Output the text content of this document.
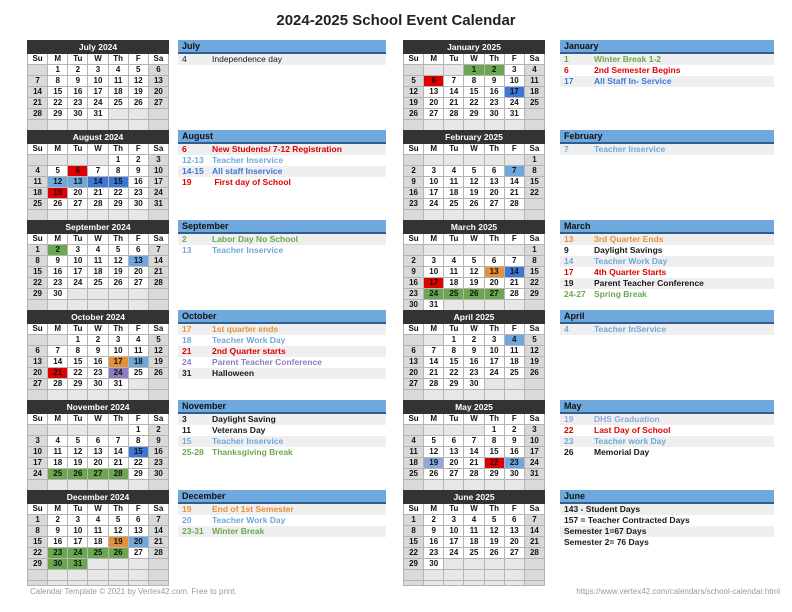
2024-2025 School Event Calendar
Calendar Template © 2021 by Vertex42.com. Free to print.	https://www.vertex42.com/calendars/school-calendar.html
July 2024						
Su	M	Tu	W	Th	F	Sa
	1	2	3	4	5	6
7	8	9	10	11	12	13
14	15	16	17	18	19	20
21	22	23	24	25	26	27
28	29	30	31			

July
4	Independence day
August 2024						
Su	M	Tu	W	Th	F	Sa
				1	2	3
4	5	6	7	8	9	10
11	12	13	14	15	16	17
18	19	20	21	22	23	24
25	26	27	28	29	30	31

August
6	New Students/ 7-12 Registration
12-13 Teacher Inservice
14-15 All staff Inservice
19	First day of School
September 2024						
Su	M	Tu	W	Th	F	Sa
1	2	3	4	5	6	7
8	9	10	11	12	13	14
15	16	17	18	19	20	21
22	23	24	25	26	27	28
29	30					

September
2	Labor Day No School
13	Teacher Inservice
October 2024						
Su	M	Tu	W	Th	F	Sa
		1	2	3	4	5
6	7	8	9	10	11	12
13	14	15	16	17	18	19
20	21	22	23	24	25	26
27	28	29	30	31		

October
17	1st quarter ends
18	Teacher Work Day
21	2nd Quarter starts
24	Parent Teacher Conference
31	Halloween
November 2024						
Su	M	Tu	W	Th	F	Sa
					1	2
3	4	5	6	7	8	9
10	11	12	13	14	15	16
17	18	19	20	21	22	23
24	25	26	27	28	29	30

November
3	Daylight Saving
11	Veterans Day
15	Teacher Inservice
25-28 Thanksgiving Break
December 2024						
Su	M	Tu	W	Th	F	Sa
1	2	3	4	5	6	7
8	9	10	11	12	13	14
15	16	17	18	19	20	21
22	23	24	25	26	27	28
29	30	31				

December
19	End of 1st Semester
20	Teacher Work Day
23-31 Winter Break
January 2025						
Su	M	Tu	W	Th	F	Sa
			1	2	3	4
5	6	7	8	9	10	11
12	13	14	15	16	17	18
19	20	21	22	23	24	25
26	27	28	29	30	31	

January
1	Winter Break 1-2
6	2nd Semester Begins
17	All Staff In- Service
February 2025						
Su	M	Tu	W	Th	F	Sa
						1
2	3	4	5	6	7	8
9	10	11	12	13	14	15
16	17	18	19	20	21	22
23	24	25	26	27	28	

February
7	Teacher Inservice
March 2025						
Su	M	Tu	W	Th	F	Sa
						1
2	3	4	5	6	7	8
9	10	11	12	13	14	15
16	17	18	19	20	21	22
23	24	25	26	27	28	29
30	31					

March
13	3rd Quarter Ends
9	Daylight Savings
14	Teacher Work Day
17	4th Quarter Starts
19	Parent Teacher Conference
24-27 Spring Break
April 2025						
Su	M	Tu	W	Th	F	Sa
		1	2	3	4	5
6	7	8	9	10	11	12
13	14	15	16	17	18	19
20	21	22	23	24	25	26
27	28	29	30			

April
4	Teacher InService
May 2025						
Su	M	Tu	W	Th	F	Sa
				1	2	3
4	5	6	7	8	9	10
11	12	13	14	15	16	17
18	19	20	21	22	23	24
25	26	27	28	29	30	31

May
19	DHS Graduation
22	Last Day of School
23	Teacher work Day
26	Memorial Day
June 2025						
Su	M	Tu	W	Th	F	Sa
1	2	3	4	5	6	7
8	9	10	11	12	13	14
15	16	17	18	19	20	21
22	23	24	25	26	27	28
29	30					

June
143 - Student Days
157 = Teacher Contracted Days
Semester 1=67 Days
Semester 2= 76 Days
